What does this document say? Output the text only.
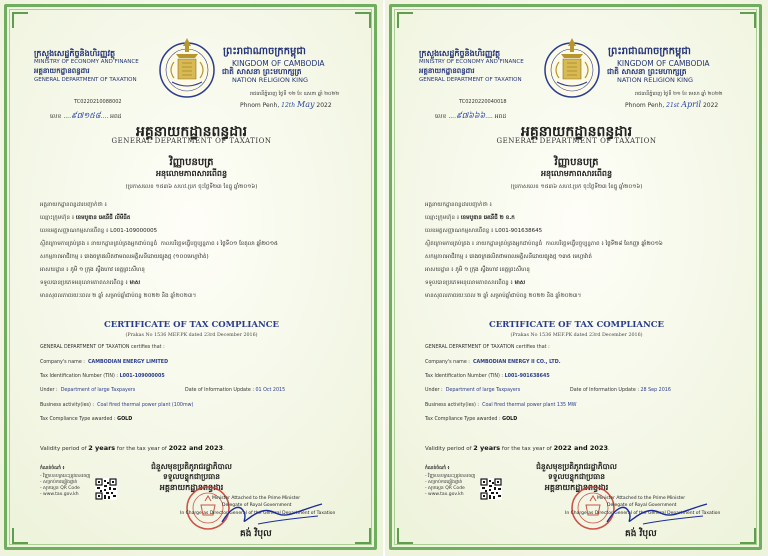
ក្រសួងសេដ្ឋកិច្ចនិងហិរញ្ញវត្ថុ
MINISTRY OF ECONOMY AND FINANCE
អគ្គនាយកដ្ឋានពន្ធដារ
GENERAL DEPARTMENT OF TAXATION
ព្រះរាជាណាចក្រកម្ពុជា
KINGDOM OF CAMBODIA
ជាតិ សាសនា ព្រះមហាក្សត្រ
NATION RELIGION KING
រាជធានីភ្នំពេញ ថ្ងៃទី ១២ ខែ ឧសភា ឆ្នាំ ២០២២
Phnom Penh, 12th May 2022
TC0220210088002
លេខ ....៩៧១៥៨.... អពដ
អគ្គនាយកដ្ឋានពន្ធដារ
GENERAL DEPARTMENT OF TAXATION
វិញ្ញាបនបត្រ
អនុលោមភាពសារពើពន្ធ
(ប្រកាសលេខ ១៥៣៦ សហវ.ប្រក ចុះថ្ងៃទី២៣ ខែធ្នូ ឆ្នាំ២០១៦)
អគ្គនាយកដ្ឋានពន្ធដារបញ្ជាក់ថា ៖
ឈ្មោះក្រុមហ៊ុន ៖ ខេមបូឌាន អេនើជី លីមីធីត
លេខអត្តសញ្ញាណកម្មសារពើពន្ធ ៖ L001-109000005
ស្ថិតក្រោមការគ្រប់គ្រង ៖ នាយកដ្ឋានគ្រប់គ្រងអ្នកជាប់ពន្ធធំ កាលបរិច្ឆេទធ្វើបច្ចុប្បន្នភាព ៖ ថ្ងៃទី០១ ខែតុលា ឆ្នាំ២០១៥
សកម្មភាពអាជីវកម្ម ៖ រោងចក្រផលិតថាមពលអគ្គិសនីដោយធ្យូងថ្ម (១០០មេហ្គាវ៉ាត់)
អាសយដ្ឋាន ៖ ភូមិ ១ ក្រុង ស្ទឹងហាវ ខេត្តព្រះសីហនុ
ទទួលបានប្រភេទអនុលោមភាពសារពើពន្ធ ៖ មាស
មានសុពលភាពរយៈពេល ២ ឆ្នាំ សម្រាប់ឆ្នាំជាប់ពន្ធ ២០២២ និង ឆ្នាំ២០២៣។
CERTIFICATE OF TAX COMPLIANCE
(Prakas No 1536 MEF.PK dated 23rd December 2016)
GENERAL DEPARTMENT OF TAXATION certifies that :
Company's name : CAMBODIAN ENERGY LIMITED
Tax Identification Number (TIN) : L001-109000005
Under : Department of large Taxpayers	Date of Information Update : 01 Oct 2015
Business activity(ies) : Coal fired thermal power plant (100mw)
Tax Compliance Type awarded : GOLD
Validity period of 2 years for the tax year of 2022 and 2023.
កំណត់ចំណាំ ៖
- វិញ្ញាបនបត្រនេះត្រូវបានចេញ
- សម្រាប់ការផ្ទៀងផ្ទាត់
- សូមស្កេន QR Code
- www.tax.gov.kh
ជំនួសមុខប្រតិភូរាជរដ្ឋាភិបាល
ទទួលបន្ទុកជាប្រធាន
អគ្គនាយកដ្ឋានពន្ធដារ
Minister Attached to the Prime Minister
Delegate of Royal Government
In Charge as Director General of the General Department of Taxation
គង់ វិបុល
ក្រសួងសេដ្ឋកិច្ចនិងហិរញ្ញវត្ថុ
MINISTRY OF ECONOMY AND FINANCE
អគ្គនាយកដ្ឋានពន្ធដារ
GENERAL DEPARTMENT OF TAXATION
ព្រះរាជាណាចក្រកម្ពុជា
KINGDOM OF CAMBODIA
ជាតិ សាសនា ព្រះមហាក្សត្រ
NATION RELIGION KING
រាជធានីភ្នំពេញ ថ្ងៃទី ២១ ខែ មេសា ឆ្នាំ ២០២២
Phnom Penh, 21st April 2022
TC0220220040018
លេខ ....៩៧៦៦៦.... អពដ
អគ្គនាយកដ្ឋានពន្ធដារ
GENERAL DEPARTMENT OF TAXATION
វិញ្ញាបនបត្រ
អនុលោមភាពសារពើពន្ធ
(ប្រកាសលេខ ១៥៣៦ សហវ.ប្រក ចុះថ្ងៃទី២៣ ខែធ្នូ ឆ្នាំ២០១៦)
អគ្គនាយកដ្ឋានពន្ធដារបញ្ជាក់ថា ៖
ឈ្មោះក្រុមហ៊ុន ៖ ខេមបូឌាន អេនើជី ២ ខ.ក
លេខអត្តសញ្ញាណកម្មសារពើពន្ធ ៖ L001-901638645
ស្ថិតក្រោមការគ្រប់គ្រង ៖ នាយកដ្ឋានគ្រប់គ្រងអ្នកជាប់ពន្ធធំ កាលបរិច្ឆេទធ្វើបច្ចុប្បន្នភាព ៖ ថ្ងៃទី២៨ ខែកញ្ញា ឆ្នាំ២០១៦
សកម្មភាពអាជីវកម្ម ៖ រោងចក្រផលិតថាមពលអគ្គិសនីដោយធ្យូងថ្ម ១៣៥ មេហ្គាវ៉ាត់
អាសយដ្ឋាន ៖ ភូមិ ១ ក្រុង ស្ទឹងហាវ ខេត្តព្រះសីហនុ
ទទួលបានប្រភេទអនុលោមភាពសារពើពន្ធ ៖ មាស
មានសុពលភាពរយៈពេល ២ ឆ្នាំ សម្រាប់ឆ្នាំជាប់ពន្ធ ២០២២ និង ឆ្នាំ២០២៣។
CERTIFICATE OF TAX COMPLIANCE
(Prakas No 1536 MEF.PK dated 23rd December 2016)
GENERAL DEPARTMENT OF TAXATION certifies that :
Company's name : CAMBODIAN ENERGY II CO., LTD.
Tax Identification Number (TIN) : L001-901638645
Under : Department of large Taxpayers	Date of Information Update : 28 Sep 2016
Business activity(ies) : Coal fired thermal power plant 135 MW
Tax Compliance Type awarded : GOLD
Validity period of 2 years for the tax year of 2022 and 2023.
កំណត់ចំណាំ ៖
- វិញ្ញាបនបត្រនេះត្រូវបានចេញ
- សម្រាប់ការផ្ទៀងផ្ទាត់
- សូមស្កេន QR Code
- www.tax.gov.kh
ជំនួសមុខប្រតិភូរាជរដ្ឋាភិបាល
ទទួលបន្ទុកជាប្រធាន
អគ្គនាយកដ្ឋានពន្ធដារ
Minister Attached to the Prime Minister
Delegate of Royal Government
In Charge as Director General of the General Department of Taxation
គង់ វិបុល
